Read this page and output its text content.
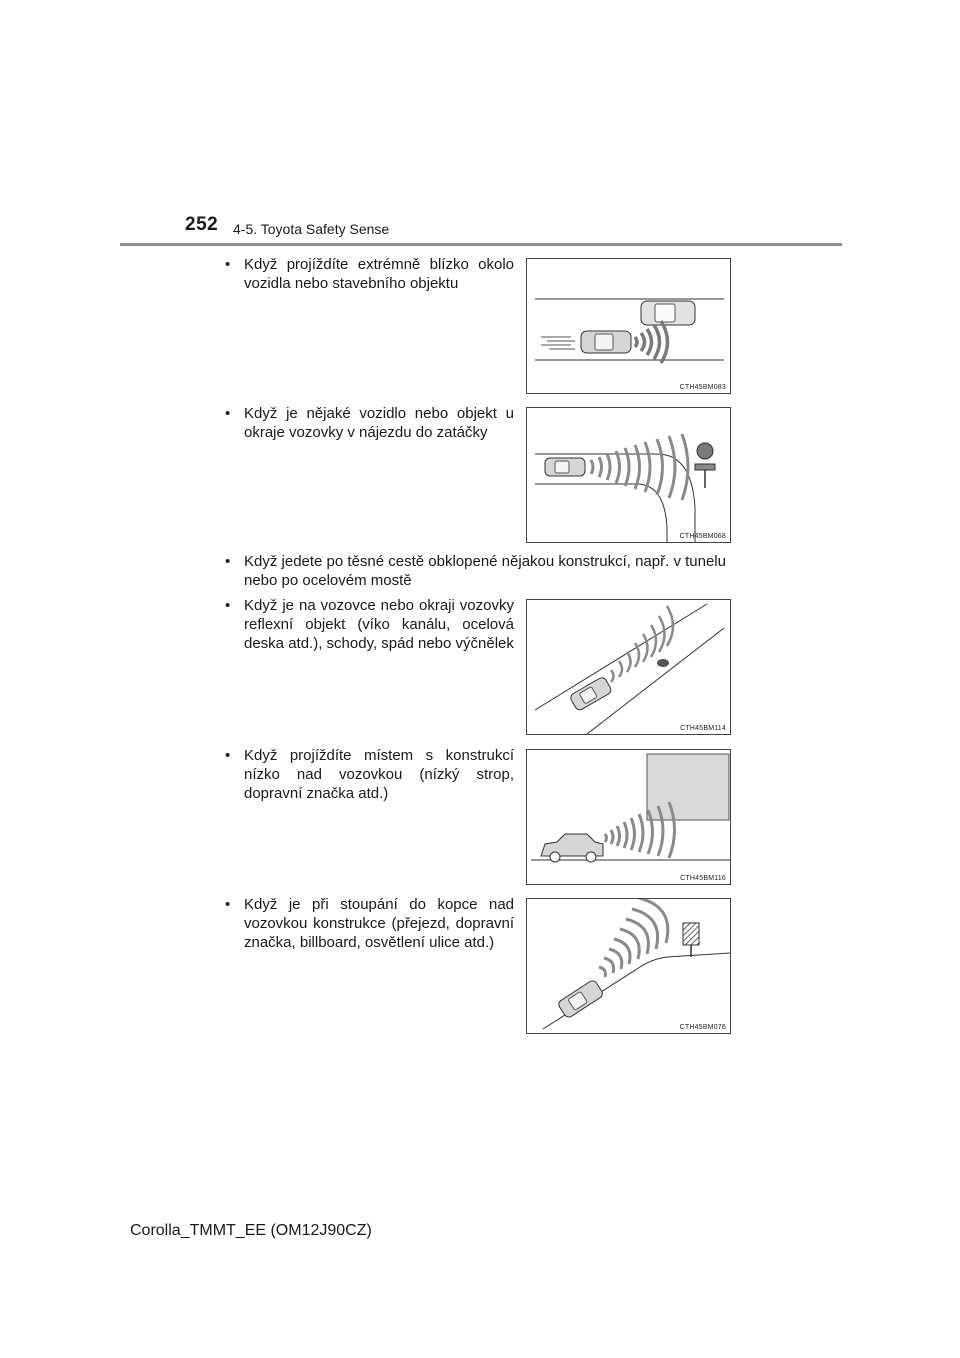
252 4-5. Toyota Safety Sense
• Když projíždíte extrémně blízko okolo vozidla nebo stavebního objektu
CTH45BM083
• Když je nějaké vozidlo nebo objekt u okraje vozovky v nájezdu do zatáčky
CTH45BM068
• Když jedete po těsné cestě obklopené nějakou konstrukcí, např. v tunelu nebo po ocelovém mostě
• Když je na vozovce nebo okraji vozovky reflexní objekt (víko kanálu, ocelová deska atd.), schody, spád nebo výčnělek
CTH45BM114
• Když projíždíte místem s konstrukcí nízko nad vozovkou (nízký strop, dopravní značka atd.)
CTH45BM116
• Když je při stoupání do kopce nad vozovkou konstrukce (přejezd, dopravní značka, billboard, osvětlení ulice atd.)
CTH45BM076
Corolla_TMMT_EE (OM12J90CZ)
